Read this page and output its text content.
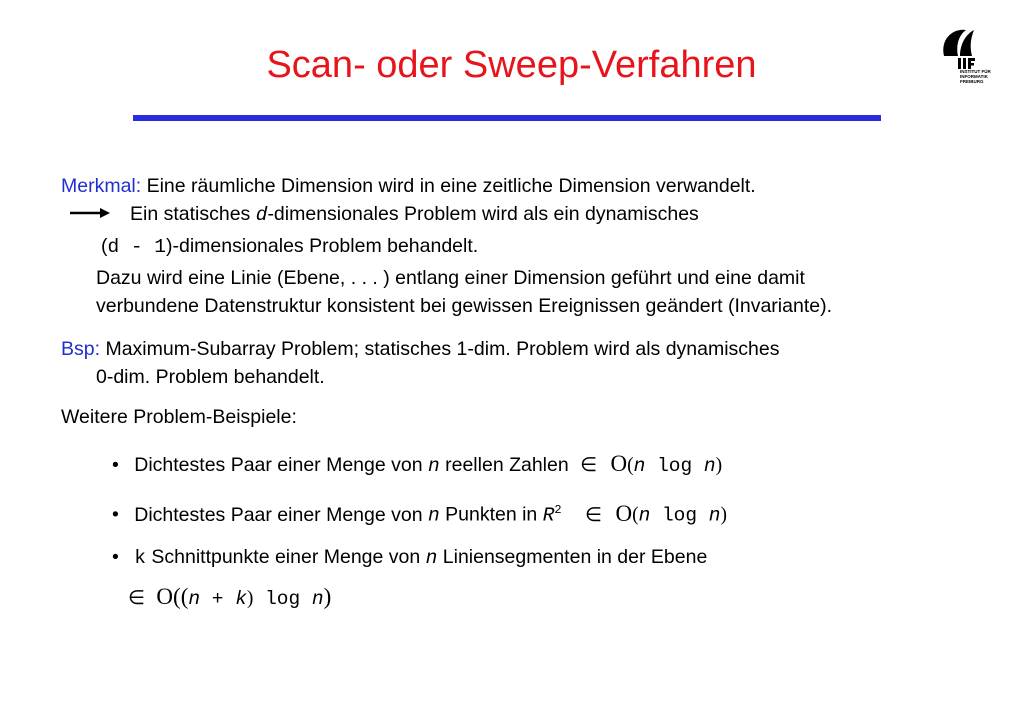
Scan- oder Sweep-Verfahren	INSTITUT FÜR
INFORMATIK
FREIBURG
Merkmal: Eine räumliche Dimension wird in eine zeitliche Dimension verwandelt.
Ein statisches d-dimensionales Problem wird als ein dynamisches
(d - 1)-dimensionales Problem behandelt.
Dazu wird eine Linie (Ebene, . . . ) entlang einer Dimension geführt und eine damit
verbundene Datenstruktur konsistent bei gewissen Ereignissen geändert (Invariante).
Bsp: Maximum-Subarray Problem; statisches 1-dim. Problem wird als dynamisches
0-dim. Problem behandelt.
Weitere Problem-Beispiele:
• Dichtestes Paar einer Menge von n reellen Zahlen ∈ O(n log n)
• Dichtestes Paar einer Menge von n Punkten in $R^2$ ∈ O(n log n)
• k Schnittpunkte einer Menge von n Liniensegmenten in der Ebene
∈ O((n + k) log n)
